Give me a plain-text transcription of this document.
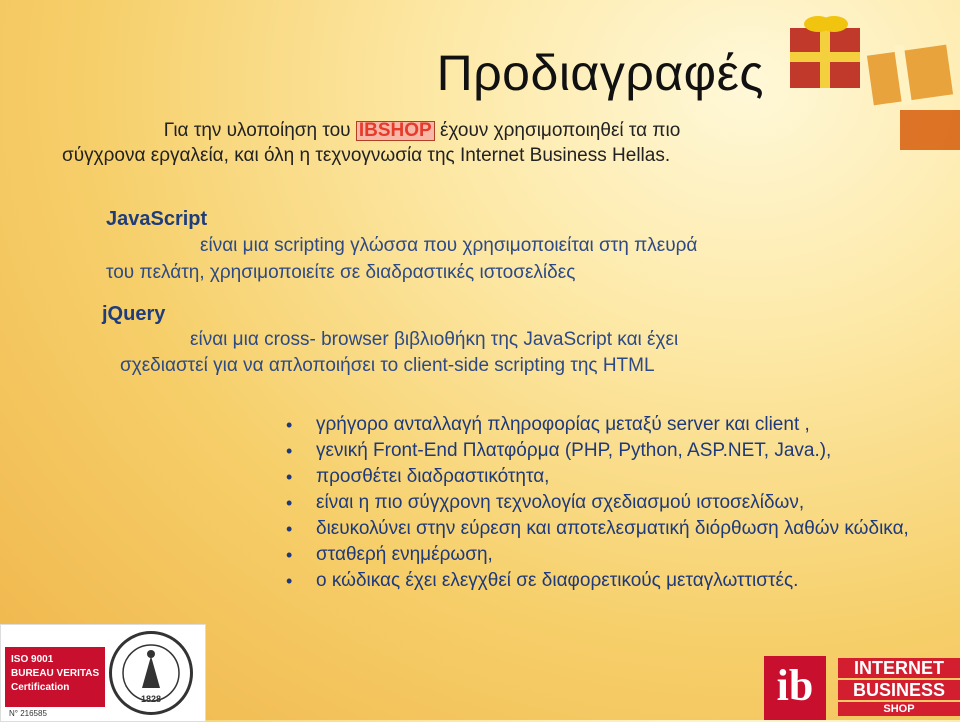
Προδιαγραφές
Για την υλοποίηση του IBSHOP έχουν χρησιμοποιηθεί τα πιο
σύγχρονα εργαλεία, και όλη η τεχνογνωσία της Internet Business Hellas.
JavaScript
είναι μια scripting γλώσσα που χρησιμοποιείται στη πλευρά
του πελάτη, χρησιμοποιείτε σε διαδραστικές ιστοσελίδες
jQuery
είναι μια cross- browser βιβλιοθήκη της JavaScript και έχει
σχεδιαστεί για να απλοποιήσει το client-side scripting της HTML
• γρήγορο ανταλλαγή πληροφορίας μεταξύ server και client ,
• γενική Front-End Πλατφόρμα (PHP, Python, ASP.NET, Java.),
• προσθέτει διαδραστικότητα,
• είναι η πιο σύγχρονη τεχνολογία σχεδιασμού ιστοσελίδων,
• διευκολύνει στην εύρεση και αποτελεσματική διόρθωση λαθών κώδικα,
• σταθερή ενημέρωση,
• ο κώδικας έχει ελεγχθεί σε διαφορετικούς μεταγλωττιστές.
ISO 9001
BUREAU VERITAS
Certification
N° 216585
1828	ib	INTERNET
BUSINESS
SHOP
